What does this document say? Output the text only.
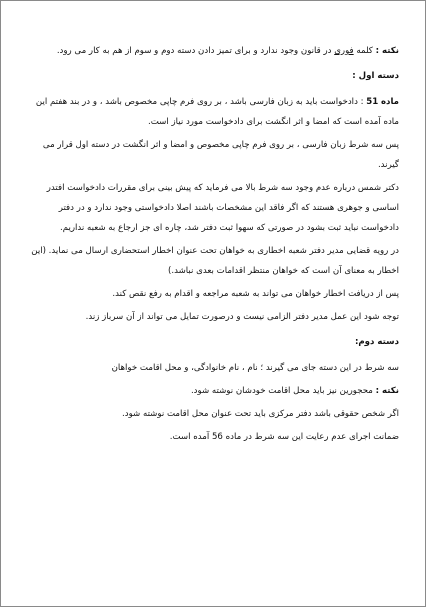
نکته : کلمه فوری در قانون وجود ندارد و برای تمیز دادن دسته دوم و سوم از هم به کار می رود.

دسته اول :

ماده 51 : دادخواست باید به زبان فارسی باشد ، بر روی فرم چاپی مخصوص باشد ، و در بند هفتم این ماده آمده است که امضا و اثر انگشت برای دادخواست مورد نیاز است.

پس سه شرط زبان فارسی ، بر روی فرم چاپی مخصوص و امضا و اثر انگشت در دسته اول قرار می گیرند.

دکتر شمس درباره عدم وجود سه شرط بالا می فرماید که پیش بینی برای مقررات دادخواست افتدر اساسی و جوهری هستند که اگر فاقد این مشخصات باشند اصلا دادخواستی وجود ندارد و در دفتر دادخواست نباید ثبت بشود در صورتی که سهوا ثبت دفتر شد، چاره ای جز ارجاع به شعبه نداریم.

در رویه قضایی مدیر دفتر شعبه اخطاری به خواهان تحت عنوان اخطار استحضاری ارسال می نماید. (این اخطار به معنای آن است که خواهان منتظر اقدامات بعدی نباشد.)

پس از دریافت اخطار خواهان می تواند به شعبه مراجعه و اقدام به رفع نقص کند.

توجه شود این عمل مدیر دفتر الزامی نیست و درصورت تمایل می تواند از آن سرباز زند.

دسته دوم:

سه شرط در این دسته جای می گیرند ؛ نام ، نام خانوادگی، و محل اقامت خواهان

نکته : محجورین نیز باید محل اقامت خودشان نوشته شود.

اگر شخص حقوقی باشد دفتر مرکزی باید تحت عنوان محل اقامت نوشته شود.

ضمانت اجرای عدم رعایت این سه شرط در ماده 56 آمده است.
